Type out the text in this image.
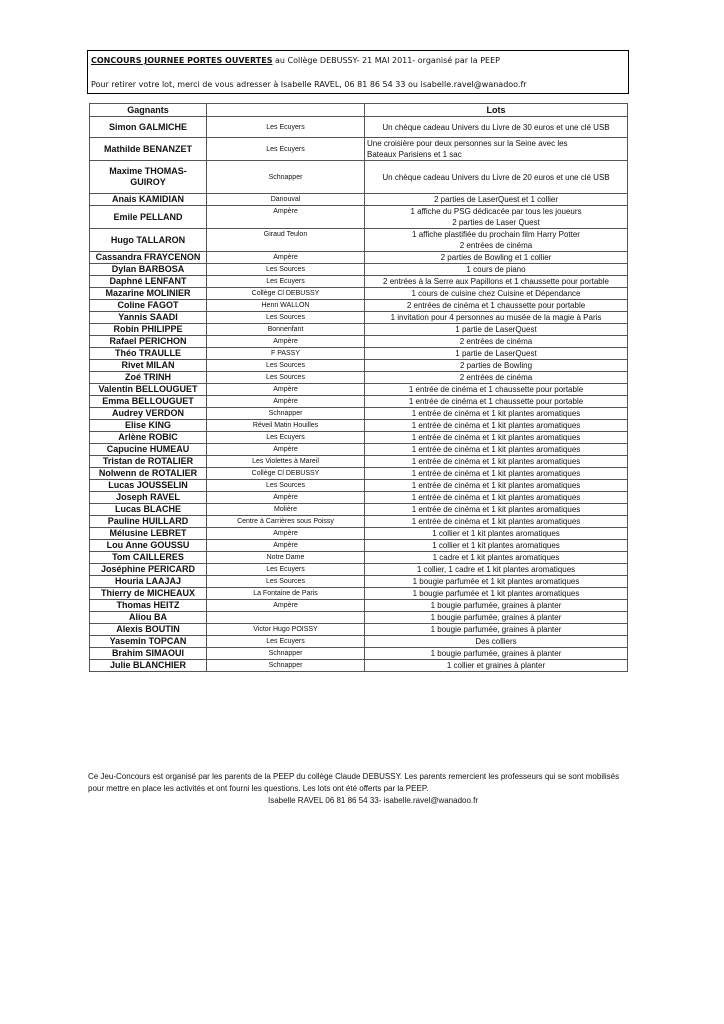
CONCOURS JOURNEE PORTES OUVERTES au Collège DEBUSSY- 21 MAI 2011- organisé par la PEEP
Pour retirer votre lot, merci de vous adresser à Isabelle RAVEL, 06 81 86 54 33 ou isabelle.ravel@wanadoo.fr
Gagnants		Lots
Simon GALMICHE	Les Ecuyers	Un chèque cadeau Univers du Livre de 30 euros et une clé USB

Mathilde BENANZET	Les Ecuyers	Une croisière pour deux personnes sur la Seine avec les
Bateaux Parisiens et 1 sac

Maxime THOMAS-GUIROY	Schnapper	Un chèque cadeau Univers du Livre de 20 euros et une clé USB

Anais KAMIDIAN	Danouval	2 parties de LaserQuest et 1 collier

Emile PELLAND	Ampère	1 affiche du PSG dédicacée par tous les joueurs
2 parties de Laser Quest

Hugo TALLARON	Giraud Teulon	1 affiche plastifiée du prochain film Harry Potter
2 entrées de cinéma

Cassandra FRAYCENON	Ampère	2 parties de Bowling et 1 collier

Dylan BARBOSA	Les Sources	1 cours de piano

Daphné LENFANT	Les Ecuyers	2 entrées à la Serre aux Papillons et 1 chaussette pour portable

Mazarine MOLINIER	Collège Cl DEBUSSY	1 cours de cuisine chez Cuisine et Dépendance

Coline FAGOT	Henri WALLON	2 entrées de cinéma et 1 chaussette pour portable

Yannis SAADI	Les Sources	1 invitation pour 4 personnes au musée de la magie à Paris

Robin PHILIPPE	Bonnenfant	1 partie de LaserQuest

Rafael PERICHON	Ampère	2 entrées de cinéma

Théo TRAULLE	F PASSY	1 partie de LaserQuest

Rivet MILAN	Les Sources	2 parties de Bowling

Zoé TRINH	Les Sources	2 entrées de cinéma

Valentin BELLOUGUET	Ampère	1 entrée de cinéma et 1 chaussette pour portable

Emma BELLOUGUET	Ampère	1 entrée de cinéma et 1 chaussette pour portable

Audrey VERDON	Schnapper	1 entrée de cinéma et 1 kit plantes aromatiques

Elise KING	Réveil Matin Houilles	1 entrée de cinéma et 1 kit plantes aromatiques

Arlène ROBIC	Les Ecuyers	1 entrée de cinéma et 1 kit plantes aromatiques

Capucine HUMEAU	Ampère	1 entrée de cinéma et 1 kit plantes aromatiques

Tristan de ROTALIER	Les Violettes à Mareil	1 entrée de cinéma et 1 kit plantes aromatiques

Nolwenn de ROTALIER	Collège Cl DEBUSSY	1 entrée de cinéma et 1 kit plantes aromatiques

Lucas JOUSSELIN	Les Sources	1 entrée de cinéma et 1 kit plantes aromatiques

Joseph RAVEL	Ampère	1 entrée de cinéma et 1 kit plantes aromatiques

Lucas BLACHE	Molière	1 entrée de cinéma et 1 kit plantes aromatiques

Pauline HUILLARD	Centre à Carrières sous Poissy	1 entrée de cinéma et 1 kit plantes aromatiques

Mélusine LEBRET	Ampère	1 collier et 1 kit plantes aromatiques

Lou Anne GOUSSU	Ampère	1 collier et 1 kit plantes aromatiques

Tom CAILLERES	Notre Dame	1 cadre et 1 kit plantes aromatiques

Joséphine PERICARD	Les Ecuyers	1 collier, 1 cadre et 1 kit plantes aromatiques

Houria LAAJAJ	Les Sources	1 bougie parfumée et 1 kit plantes aromatiques

Thierry de MICHEAUX	La Fontaine de Paris	1 bougie parfumée et 1 kit plantes aromatiques

Thomas HEITZ	Ampère	1 bougie parfumée, graines à planter

Aliou BA		1 bougie parfumée, graines à planter

Alexis BOUTIN	Victor Hugo POISSY	1 bougie parfumée, graines à planter

Yasemin TOPCAN	Les Ecuyers	Des colliers

Brahim SIMAOUI	Schnapper	1 bougie parfumée, graines à planter

Julie BLANCHIER	Schnapper	1 collier et graines à planter
Ce Jeu-Concours est organisé par les parents de la PEEP du collège Claude DEBUSSY. Les parents remercient les professeurs qui se sont mobilisés
pour mettre en place les activités et ont fourni les questions. Les lots ont été offerts par la PEEP.
Isabelle RAVEL 06 81 86 54 33- isabelle.ravel@wanadoo.fr
